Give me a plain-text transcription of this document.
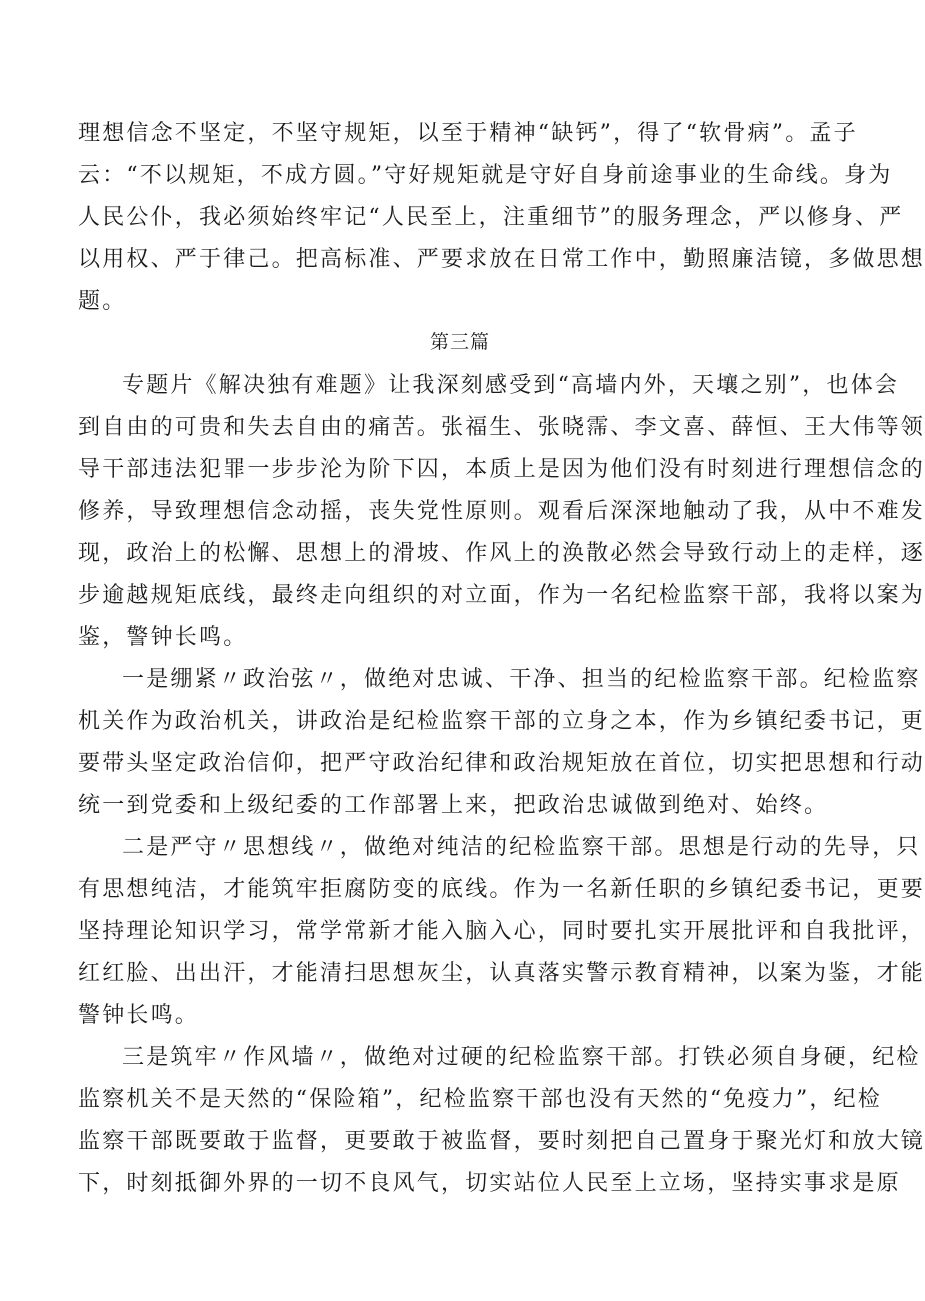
理想信念不坚定，不坚守规矩，以至于精神“缺钙”，得了“软骨病”。孟子
云：“不以规矩，不成方圆。”守好规矩就是守好自身前途事业的生命线。身为
人民公仆，我必须始终牢记“人民至上，注重细节”的服务理念，严以修身、严
以用权、严于律己。把高标准、严要求放在日常工作中，勤照廉洁镜，多做思想
题。
第三篇
专题片《解决独有难题》让我深刻感受到“高墙内外，天壤之别”，也体会
到自由的可贵和失去自由的痛苦。张福生、张晓霈、李文喜、薛恒、王大伟等领
导干部违法犯罪一步步沦为阶下囚，本质上是因为他们没有时刻进行理想信念的
修养，导致理想信念动摇，丧失党性原则。观看后深深地触动了我，从中不难发
现，政治上的松懈、思想上的滑坡、作风上的涣散必然会导致行动上的走样，逐
步逾越规矩底线，最终走向组织的对立面，作为一名纪检监察干部，我将以案为
鉴，警钟长鸣。
一是绷紧〃政治弦〃，做绝对忠诚、干净、担当的纪检监察干部。纪检监察
机关作为政治机关，讲政治是纪检监察干部的立身之本，作为乡镇纪委书记，更
要带头坚定政治信仰，把严守政治纪律和政治规矩放在首位，切实把思想和行动
统一到党委和上级纪委的工作部署上来，把政治忠诚做到绝对、始终。
二是严守〃思想线〃，做绝对纯洁的纪检监察干部。思想是行动的先导，只
有思想纯洁，才能筑牢拒腐防变的底线。作为一名新任职的乡镇纪委书记，更要
坚持理论知识学习，常学常新才能入脑入心，同时要扎实开展批评和自我批评，
红红脸、出出汗，才能清扫思想灰尘，认真落实警示教育精神，以案为鉴，才能
警钟长鸣。
三是筑牢〃作风墙〃，做绝对过硬的纪检监察干部。打铁必须自身硬，纪检
监察机关不是天然的“保险箱”，纪检监察干部也没有天然的“免疫力”，纪检
监察干部既要敢于监督，更要敢于被监督，要时刻把自己置身于聚光灯和放大镜
下，时刻抵御外界的一切不良风气，切实站位人民至上立场，坚持实事求是原
